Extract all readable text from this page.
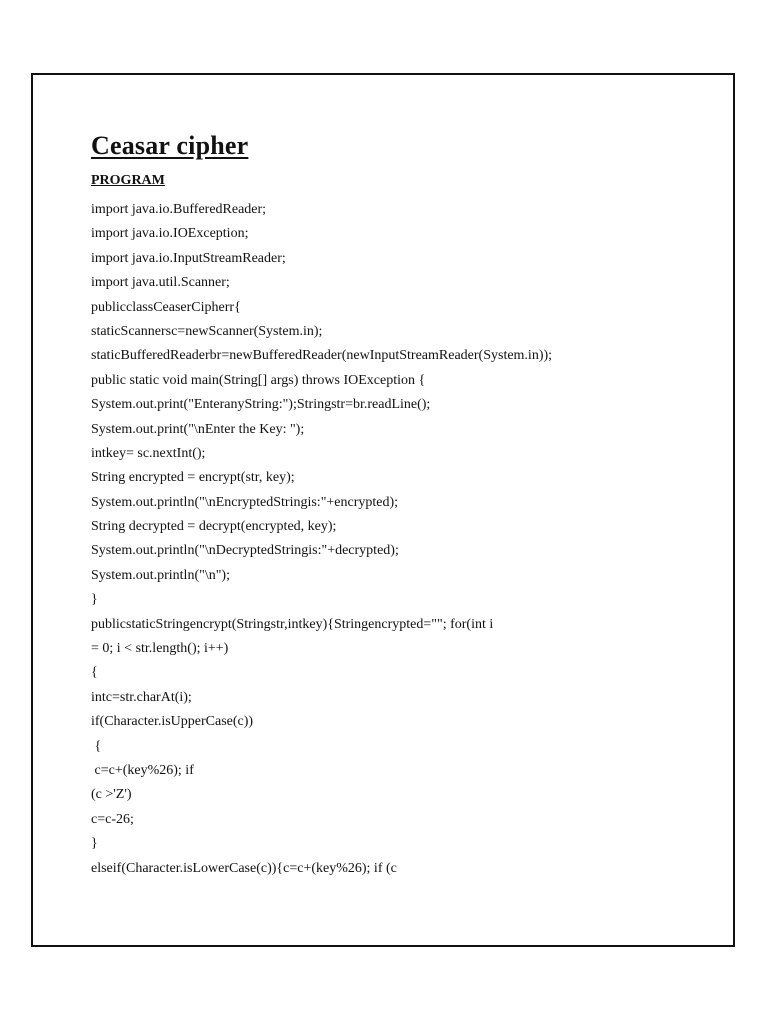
Ceasar cipher
PROGRAM
import java.io.BufferedReader;
import java.io.IOException;
import java.io.InputStreamReader;
import java.util.Scanner;
publicclassCeaserCipherr{
staticScannersc=newScanner(System.in);
staticBufferedReaderbr=newBufferedReader(newInputStreamReader(System.in));
public static void main(String[] args) throws IOException {
System.out.print("EnteranyString:");Stringstr=br.readLine();
System.out.print("\nEnter the Key: ");
intkey= sc.nextInt();
String encrypted = encrypt(str, key);
System.out.println("\nEncryptedStringis:"+encrypted);
String decrypted = decrypt(encrypted, key);
System.out.println("\nDecryptedStringis:"+decrypted);
System.out.println("\n");
}
publicstaticStringencrypt(Stringstr,intkey){Stringencrypted=""; for(int i
= 0; i < str.length(); i++)
{
intc=str.charAt(i);
if(Character.isUpperCase(c))
{
c=c+(key%26); if
(c >'Z')
c=c-26;
}
elseif(Character.isLowerCase(c)){c=c+(key%26); if (c
